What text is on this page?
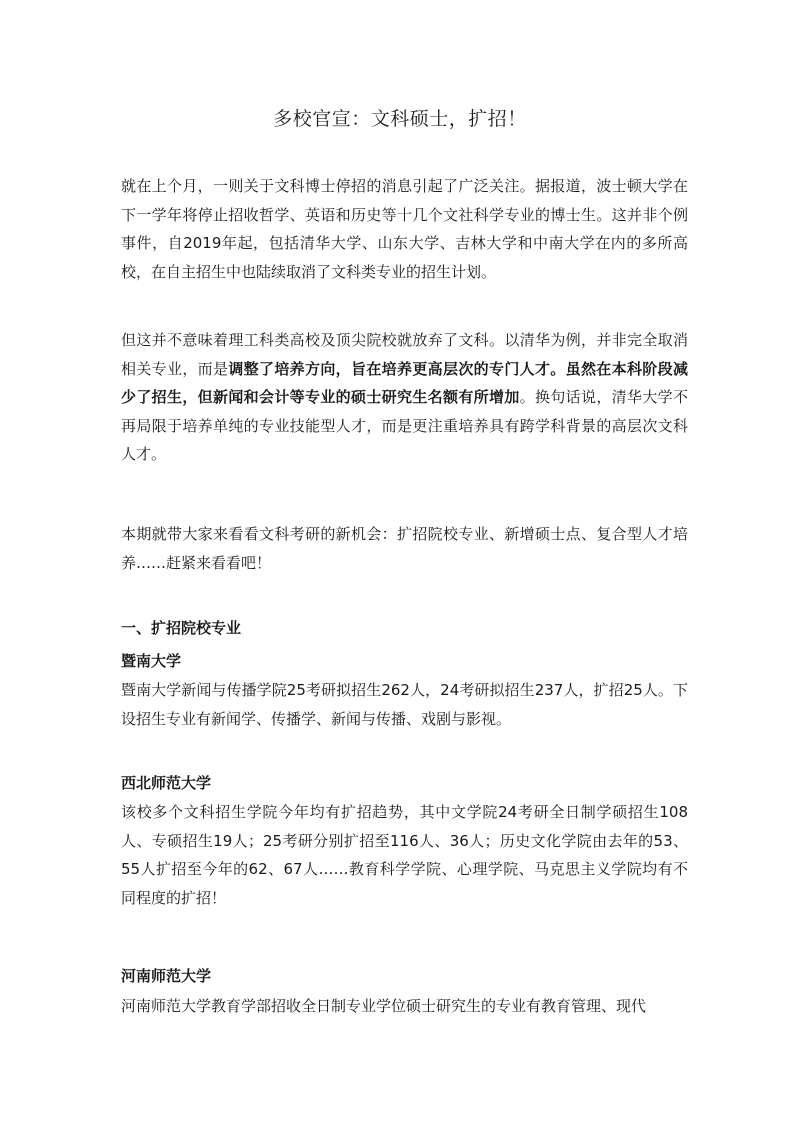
多校官宣：文科硕士，扩招！

就在上个月，一则关于文科博士停招的消息引起了广泛关注。据报道，波士顿大学在下一学年将停止招收哲学、英语和历史等十几个文社科学专业的博士生。这并非个例事件，自2019年起，包括清华大学、山东大学、吉林大学和中南大学在内的多所高校，在自主招生中也陆续取消了文科类专业的招生计划。

但这并不意味着理工科类高校及顶尖院校就放弃了文科。以清华为例，并非完全取消相关专业，而是调整了培养方向，旨在培养更高层次的专门人才。虽然在本科阶段减少了招生，但新闻和会计等专业的硕士研究生名额有所增加。换句话说，清华大学不再局限于培养单纯的专业技能型人才，而是更注重培养具有跨学科背景的高层次文科人才。

本期就带大家来看看文科考研的新机会：扩招院校专业、新增硕士点、复合型人才培养……赶紧来看看吧！

一、扩招院校专业
暨南大学

暨南大学新闻与传播学院25考研拟招生262人，24考研拟招生237人，扩招25人。下设招生专业有新闻学、传播学、新闻与传播、戏剧与影视。

西北师范大学

该校多个文科招生学院今年均有扩招趋势，其中文学院24考研全日制学硕招生108人、专硕招生19人；25考研分别扩招至116人、36人；历史文化学院由去年的53、55人扩招至今年的62、67人……教育科学学院、心理学院、马克思主义学院均有不同程度的扩招！

河南师范大学

河南师范大学教育学部招收全日制专业学位硕士研究生的专业有教育管理、现代
